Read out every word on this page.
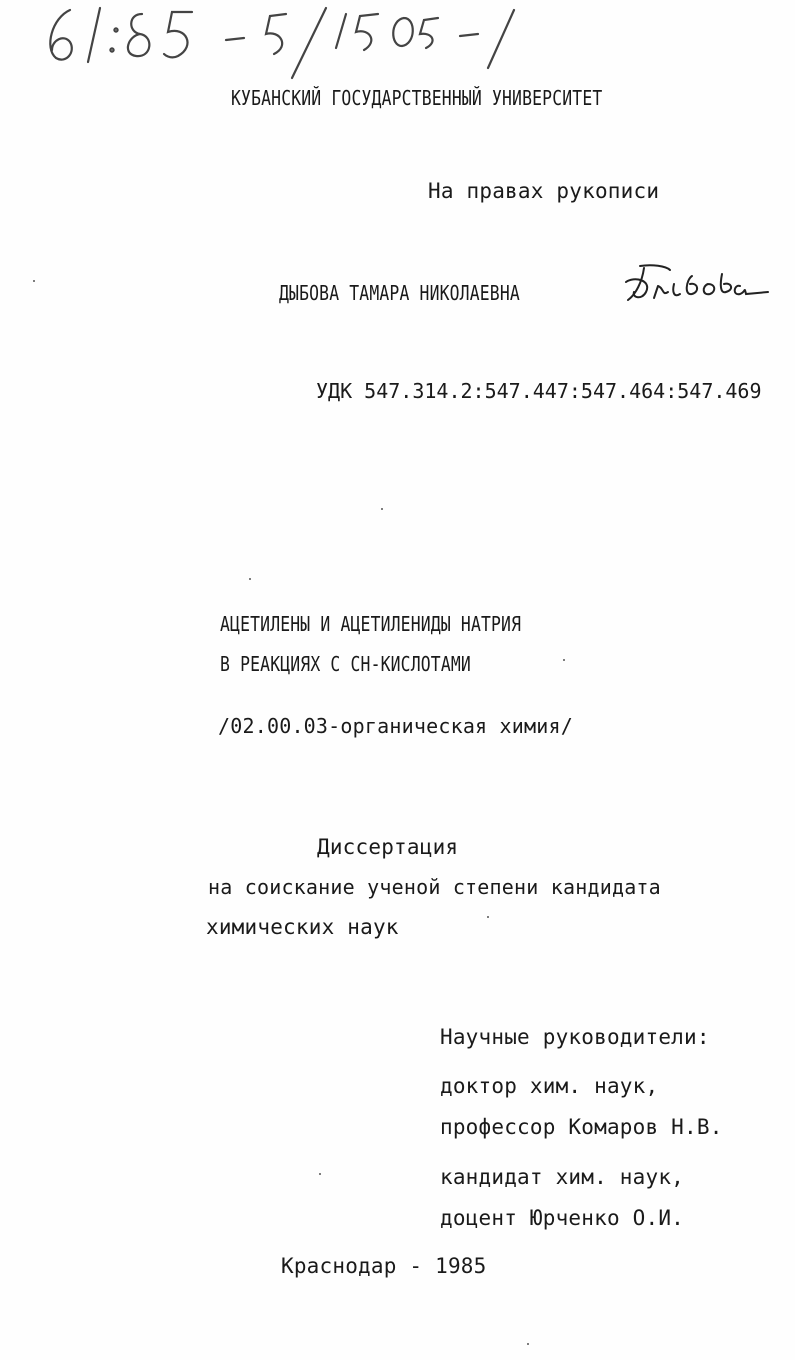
КУБАНСКИЙ ГОСУДАРСТВЕННЫЙ УНИВЕРСИТЕТ
На правах рукописи
ДЫБОВА ТАМАРА НИКОЛАЕВНА
УДК 547.314.2:547.447:547.464:547.469
АЦЕТИЛЕНЫ И АЦЕТИЛЕНИДЫ НАТРИЯ
В РЕАКЦИЯХ С СН-КИСЛОТАМИ
/02.00.03-органическая химия/
Диссертация
на соискание ученой степени кандидата
химических наук
Научные руководители:
доктор хим. наук,
профессор Комаров Н.В.
кандидат хим. наук,
доцент Юрченко О.И.
Краснодар - 1985
